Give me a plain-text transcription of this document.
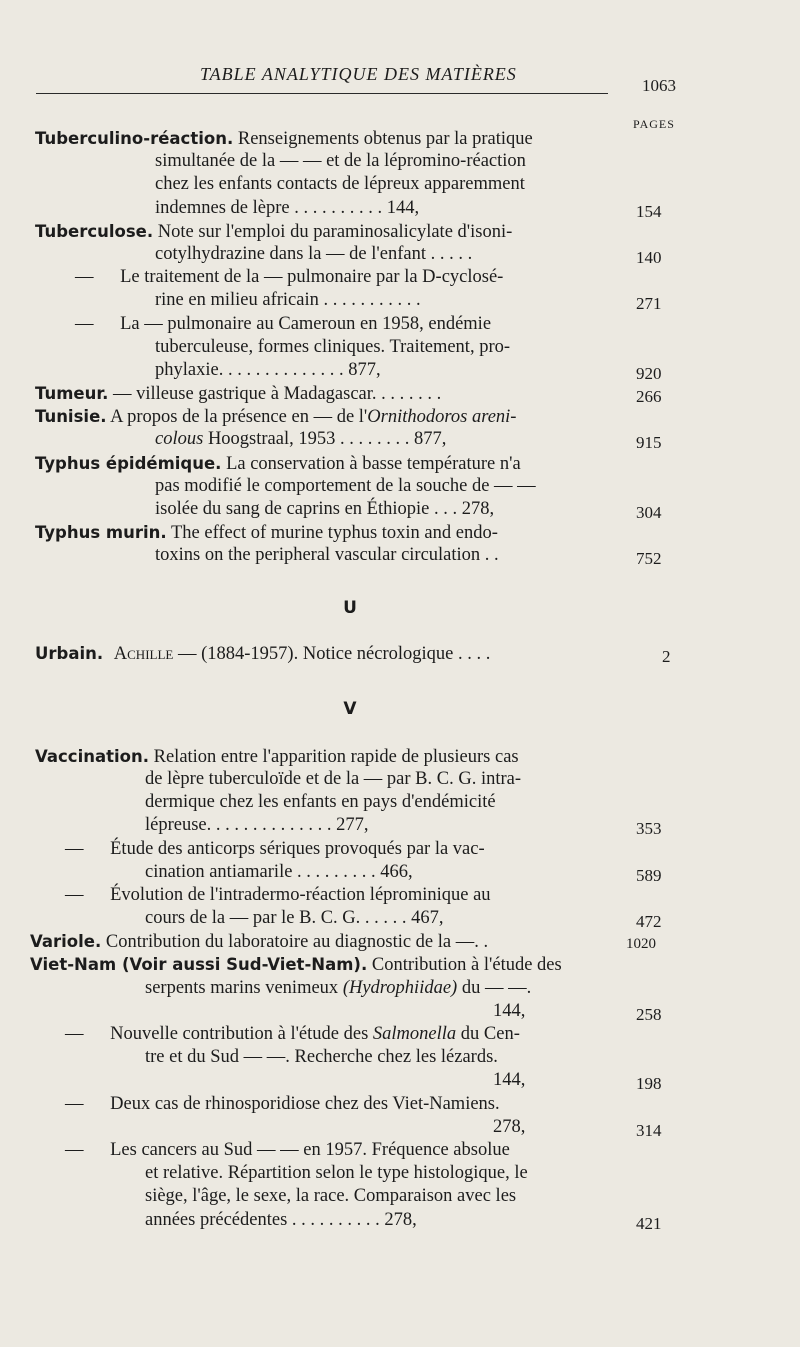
TABLE ANALYTIQUE DES MATIÈRES
1063
PAGES
Tuberculino-réaction. Renseignements obtenus par la pratique
simultanée de la — — et de la lépromino-réaction
chez les enfants contacts de lépreux apparemment
indemnes de lèpre . . . . . . . . . . 144,	154
Tuberculose. Note sur l'emploi du paraminosalicylate d'isoni-
cotylhydrazine dans la — de l'enfant . . . . .	140
— Le traitement de la — pulmonaire par la D-cyclosé-
rine en milieu africain . . . . . . . . . . .	271
— La — pulmonaire au Cameroun en 1958, endémie
tuberculeuse, formes cliniques. Traitement, pro-
phylaxie. . . . . . . . . . . . . . 877,	920
Tumeur. — villeuse gastrique à Madagascar. . . . . . . .	266
Tunisie. A propos de la présence en — de l'Ornithodoros areni-
colous Hoogstraal, 1953 . . . . . . . . 877,	915
Typhus épidémique. La conservation à basse température n'a
pas modifié le comportement de la souche de — —
isolée du sang de caprins en Éthiopie . . . 278,	304
Typhus murin. The effect of murine typhus toxin and endo-
toxins on the peripheral vascular circulation . .	752
U
Urbain. Achille — (1884-1957). Notice nécrologique . . . .	2
V
Vaccination. Relation entre l'apparition rapide de plusieurs cas
de lèpre tuberculoïde et de la — par B. C. G. intra-
dermique chez les enfants en pays d'endémicité
lépreuse. . . . . . . . . . . . . . 277,	353
— Étude des anticorps sériques provoqués par la vac-
cination antiamarile . . . . . . . . . 466,	589
— Évolution de l'intradermo-réaction léprominique au
cours de la — par le B. C. G. . . . . . 467,	472
Variole. Contribution du laboratoire au diagnostic de la —. .	1020
Viet-Nam (Voir aussi Sud-Viet-Nam). Contribution à l'étude des
serpents marins venimeux (Hydrophiidae) du — —.
144,	258
— Nouvelle contribution à l'étude des Salmonella du Cen-
tre et du Sud — —. Recherche chez les lézards.
144,	198
— Deux cas de rhinosporidiose chez des Viet-Namiens.
278,	314
— Les cancers au Sud — — en 1957. Fréquence absolue
et relative. Répartition selon le type histologique, le
siège, l'âge, le sexe, la race. Comparaison avec les
années précédentes . . . . . . . . . . 278,	421
